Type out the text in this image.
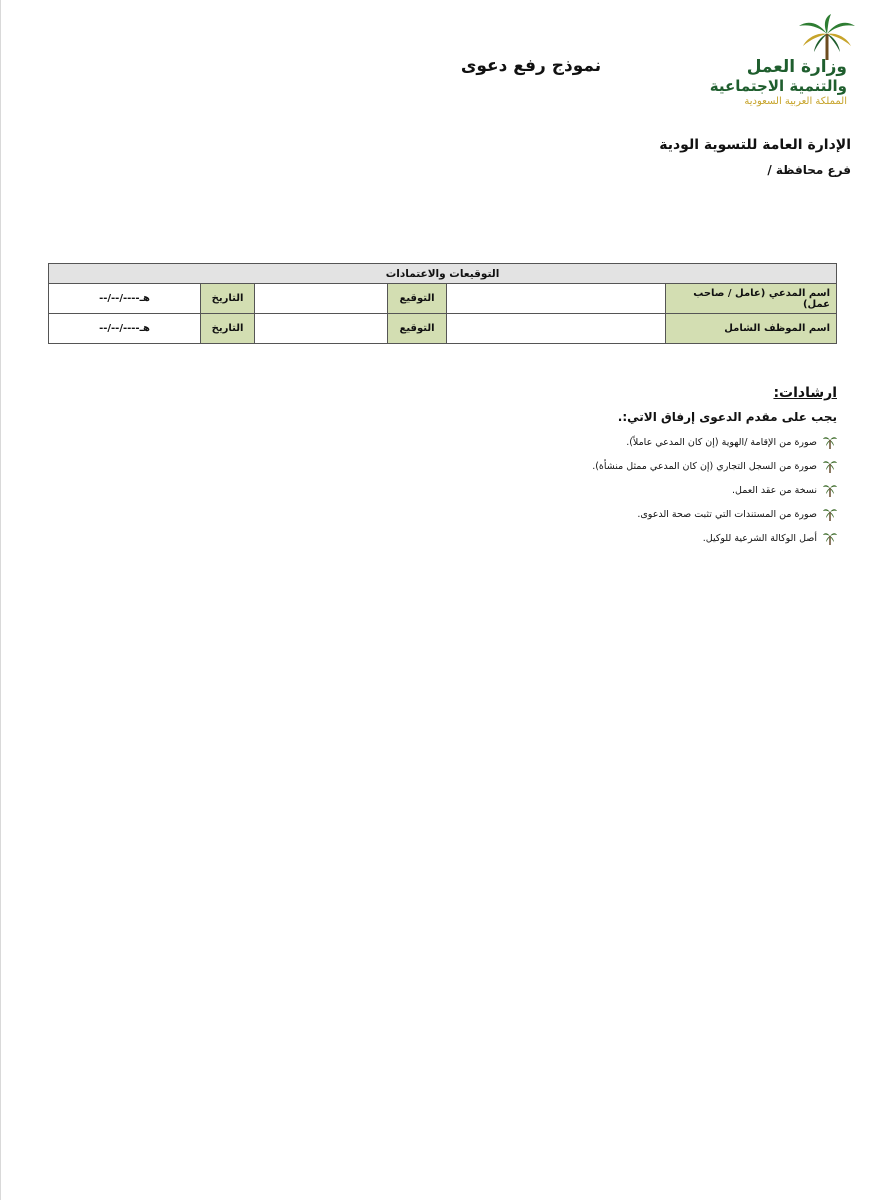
وزارة العمل
والتنمية الاجتماعية
المملكة العربية السعودية
نموذج رفع دعوى
الإدارة العامة للتسوية الودية
فرع محافظة /
التوقيعات والاعتمادات					
اسم المدعي (عامل / صاحب عمل)		التوقيع		التاريخ	--/--/----هـ
اسم الموظف الشامل		التوقيع		التاريخ	--/--/----هـ
ارشادات:
يجب على مقدم الدعوى إرفاق الاتي:.
صورة من الإقامة /الهوية (إن كان المدعي عاملاً).
صورة من السجل التجاري (إن كان المدعي ممثل منشأة).
نسخة من عقد العمل.
صورة من المستندات التي تثبت صحة الدعوى.
أصل الوكالة الشرعية للوكيل.
